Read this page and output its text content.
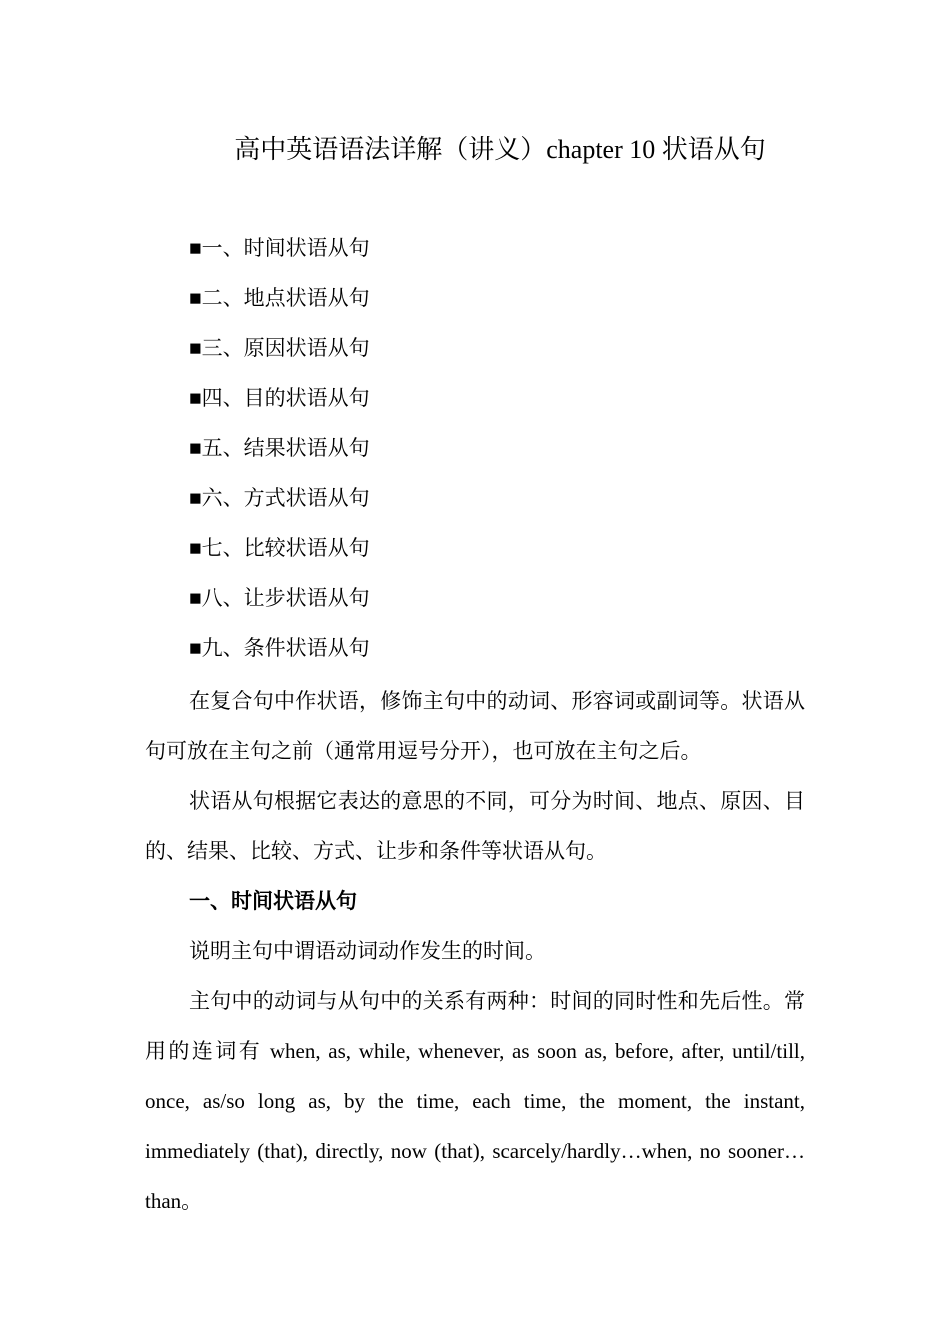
高中英语语法详解（讲义）chapter 10 状语从句
■一、时间状语从句
■二、地点状语从句
■三、原因状语从句
■四、目的状语从句
■五、结果状语从句
■六、方式状语从句
■七、比较状语从句
■八、让步状语从句
■九、条件状语从句

在复合句中作状语，修饰主句中的动词、形容词或副词等。状语从句可放在主句之前（通常用逗号分开），也可放在主句之后。

状语从句根据它表达的意思的不同，可分为时间、地点、原因、目的、结果、比较、方式、让步和条件等状语从句。

一、时间状语从句

说明主句中谓语动词动作发生的时间。

主句中的动词与从句中的关系有两种：时间的同时性和先后性。常用的连词有 when, as, while, whenever, as soon as, before, after, until/till, once, as/so long as, by the time, each time, the moment, the instant, immediately (that), directly, now (that), scarcely/hardly…when, no sooner…than。
